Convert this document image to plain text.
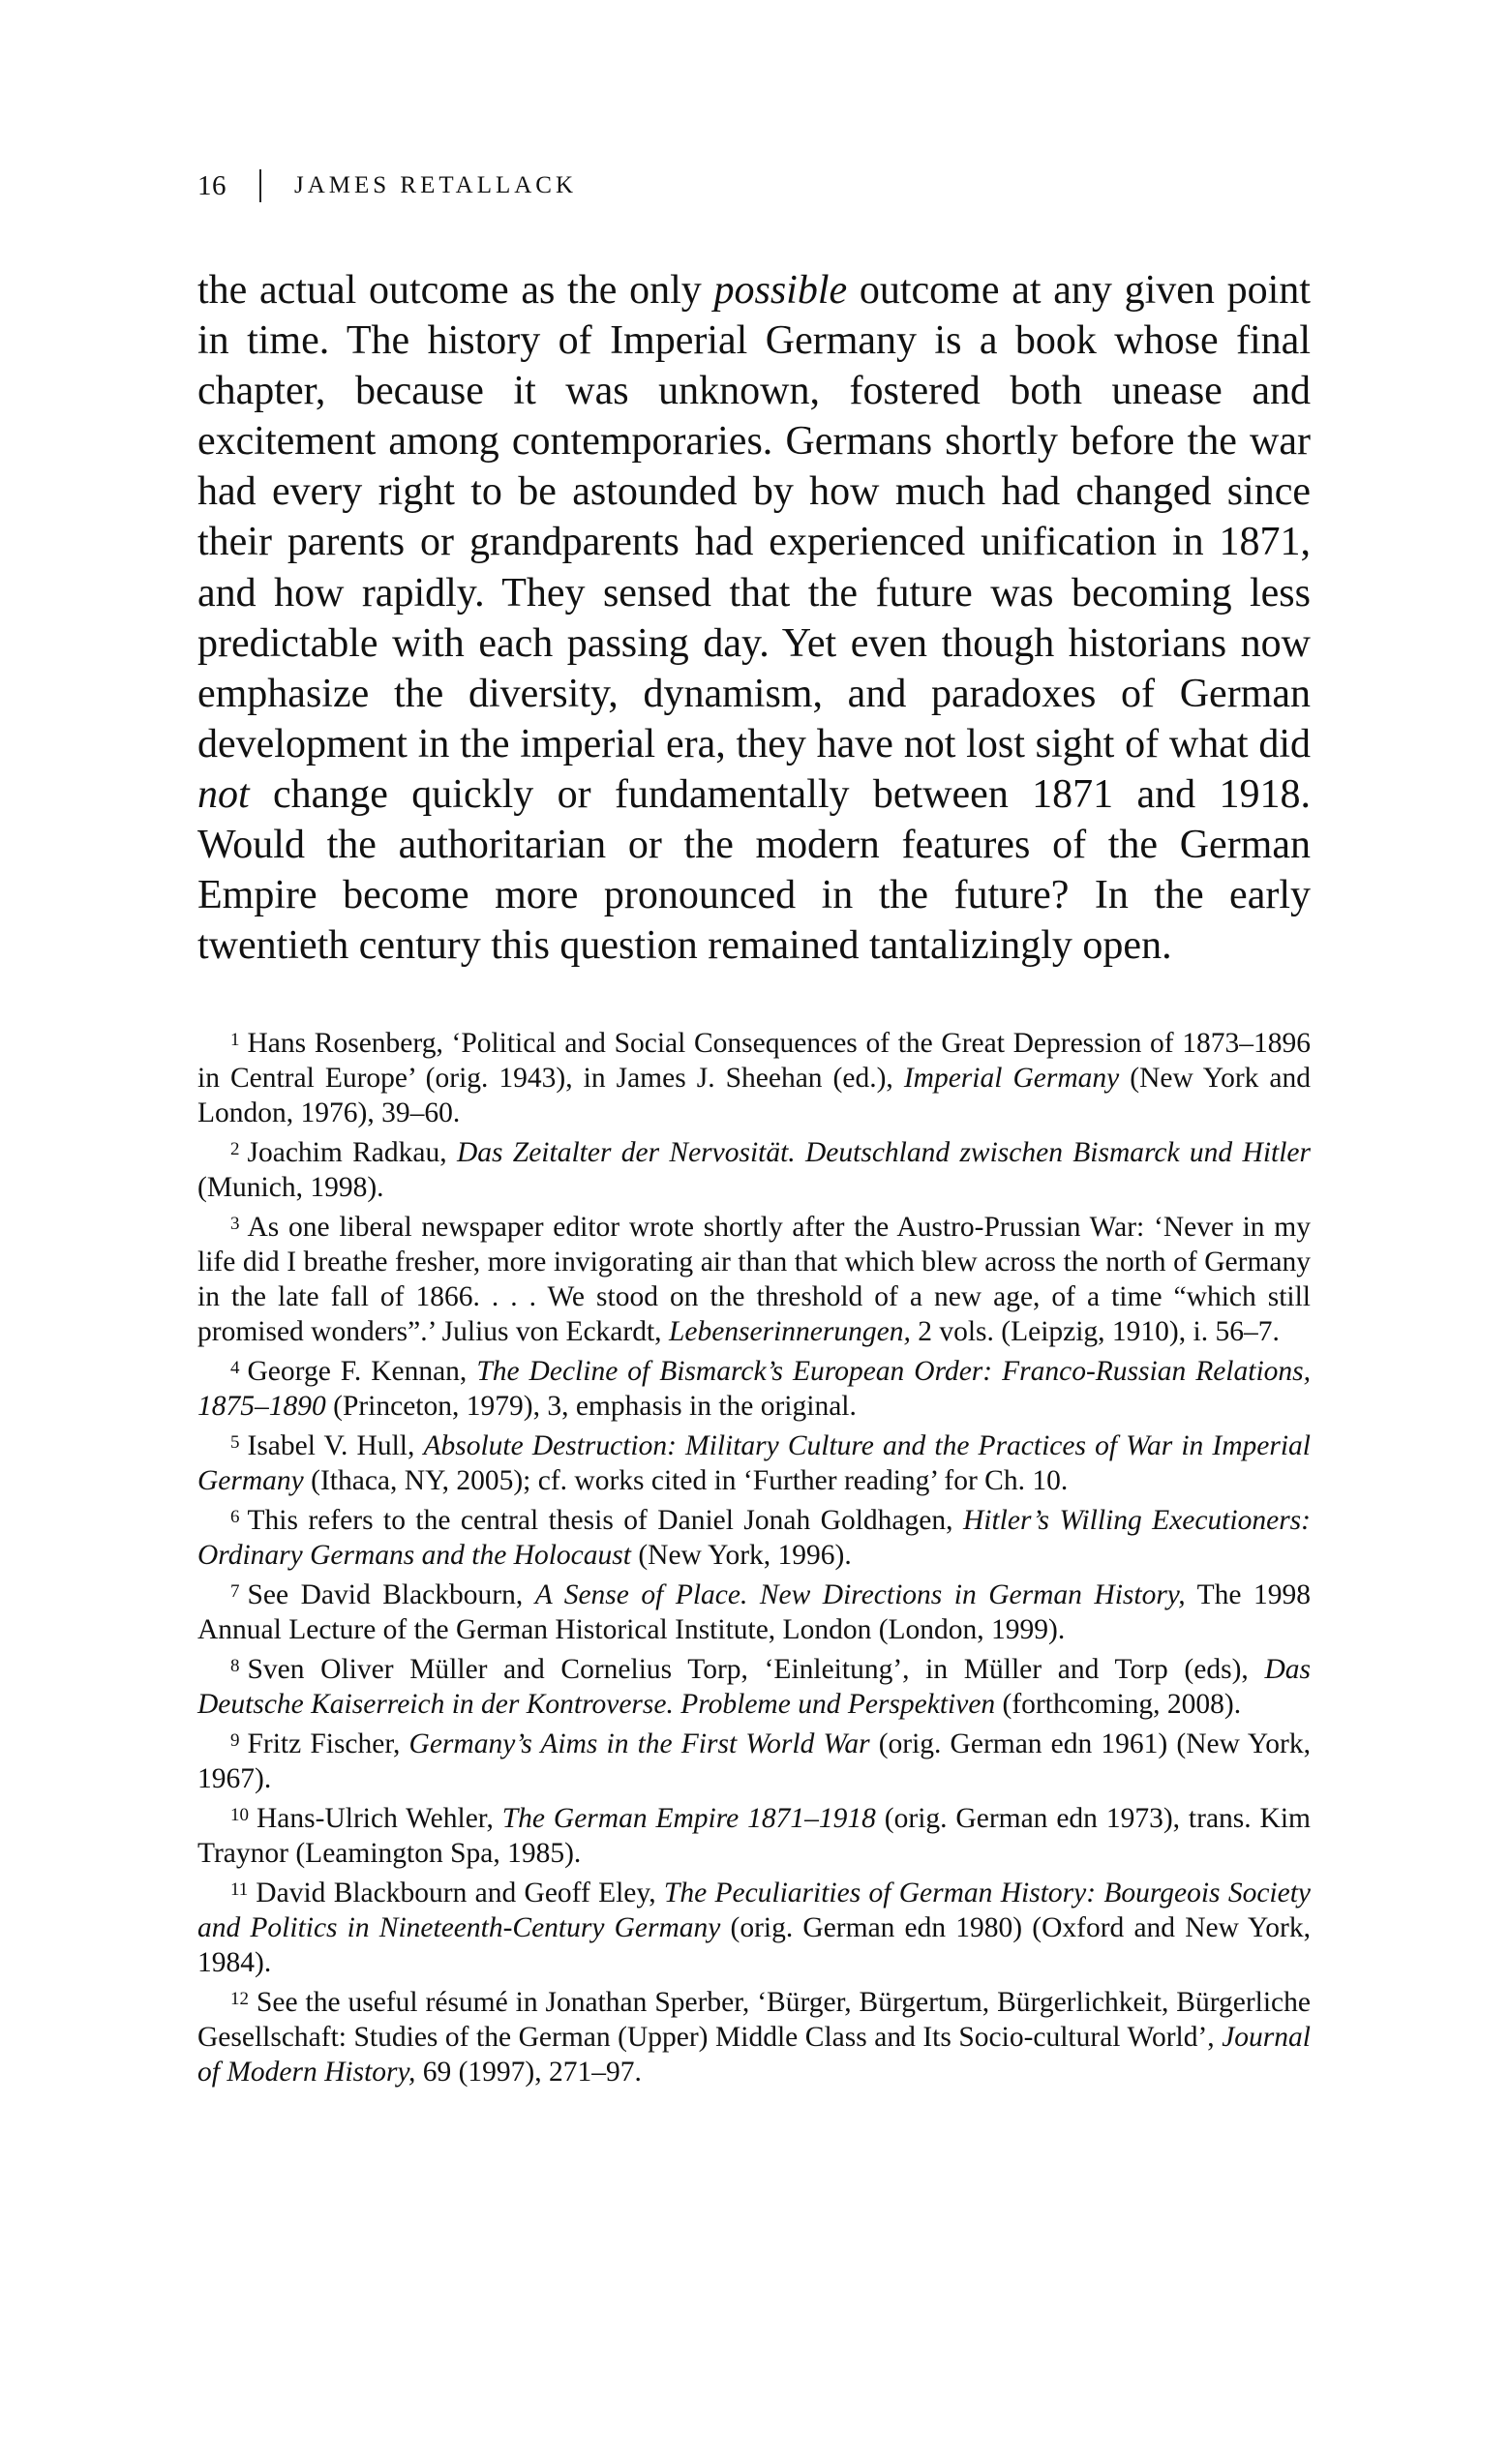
16	JAMES RETALLACK

the actual outcome as the only possible outcome at any given point in time. The history of Imperial Germany is a book whose final chapter, because it was unknown, fostered both unease and excitement among contemporaries. Germans shortly before the war had every right to be astounded by how much had changed since their parents or grandparents had experienced unification in 1871, and how rapidly. They sensed that the future was becoming less predictable with each passing day. Yet even though historians now emphasize the diversity, dynamism, and paradoxes of German development in the imperial era, they have not lost sight of what did not change quickly or fundamentally between 1871 and 1918. Would the authoritarian or the modern features of the German Empire become more pronounced in the future? In the early twentieth century this question remained tantalizingly open.

$^1$ Hans Rosenberg, ‘Political and Social Consequences of the Great Depression of 1873–1896 in Central Europe’ (orig. 1943), in James J. Sheehan (ed.), Imperial Germany (New York and London, 1976), 39–60.

$^2$ Joachim Radkau, Das Zeitalter der Nervosität. Deutschland zwischen Bismarck und Hitler (Munich, 1998).

$^3$ As one liberal newspaper editor wrote shortly after the Austro-Prussian War: ‘Never in my life did I breathe fresher, more invigorating air than that which blew across the north of Germany in the late fall of 1866. . . . We stood on the threshold of a new age, of a time “which still promised wonders”.’ Julius von Eckardt, Lebenserinnerungen, 2 vols. (Leipzig, 1910), i. 56–7.

$^4$ George F. Kennan, The Decline of Bismarck’s European Order: Franco-Russian Relations, 1875–1890 (Princeton, 1979), 3, emphasis in the original.

$^5$ Isabel V. Hull, Absolute Destruction: Military Culture and the Practices of War in Imperial Germany (Ithaca, NY, 2005); cf. works cited in ‘Further reading’ for Ch. 10.

$^6$ This refers to the central thesis of Daniel Jonah Goldhagen, Hitler’s Willing Executioners: Ordinary Germans and the Holocaust (New York, 1996).

$^7$ See David Blackbourn, A Sense of Place. New Directions in German History, The 1998 Annual Lecture of the German Historical Institute, London (London, 1999).

$^8$ Sven Oliver Müller and Cornelius Torp, ‘Einleitung’, in Müller and Torp (eds), Das Deutsche Kaiserreich in der Kontroverse. Probleme und Perspektiven (forthcoming, 2008).

$^9$ Fritz Fischer, Germany’s Aims in the First World War (orig. German edn 1961) (New York, 1967).

$^{10}$ Hans-Ulrich Wehler, The German Empire 1871–1918 (orig. German edn 1973), trans. Kim Traynor (Leamington Spa, 1985).

$^{11}$ David Blackbourn and Geoff Eley, The Peculiarities of German History: Bourgeois Society and Politics in Nineteenth-Century Germany (orig. German edn 1980) (Oxford and New York, 1984).

$^{12}$ See the useful résumé in Jonathan Sperber, ‘Bürger, Bürgertum, Bürgerlichkeit, Bürgerliche Gesellschaft: Studies of the German (Upper) Middle Class and Its Socio-cultural World’, Journal of Modern History, 69 (1997), 271–97.
